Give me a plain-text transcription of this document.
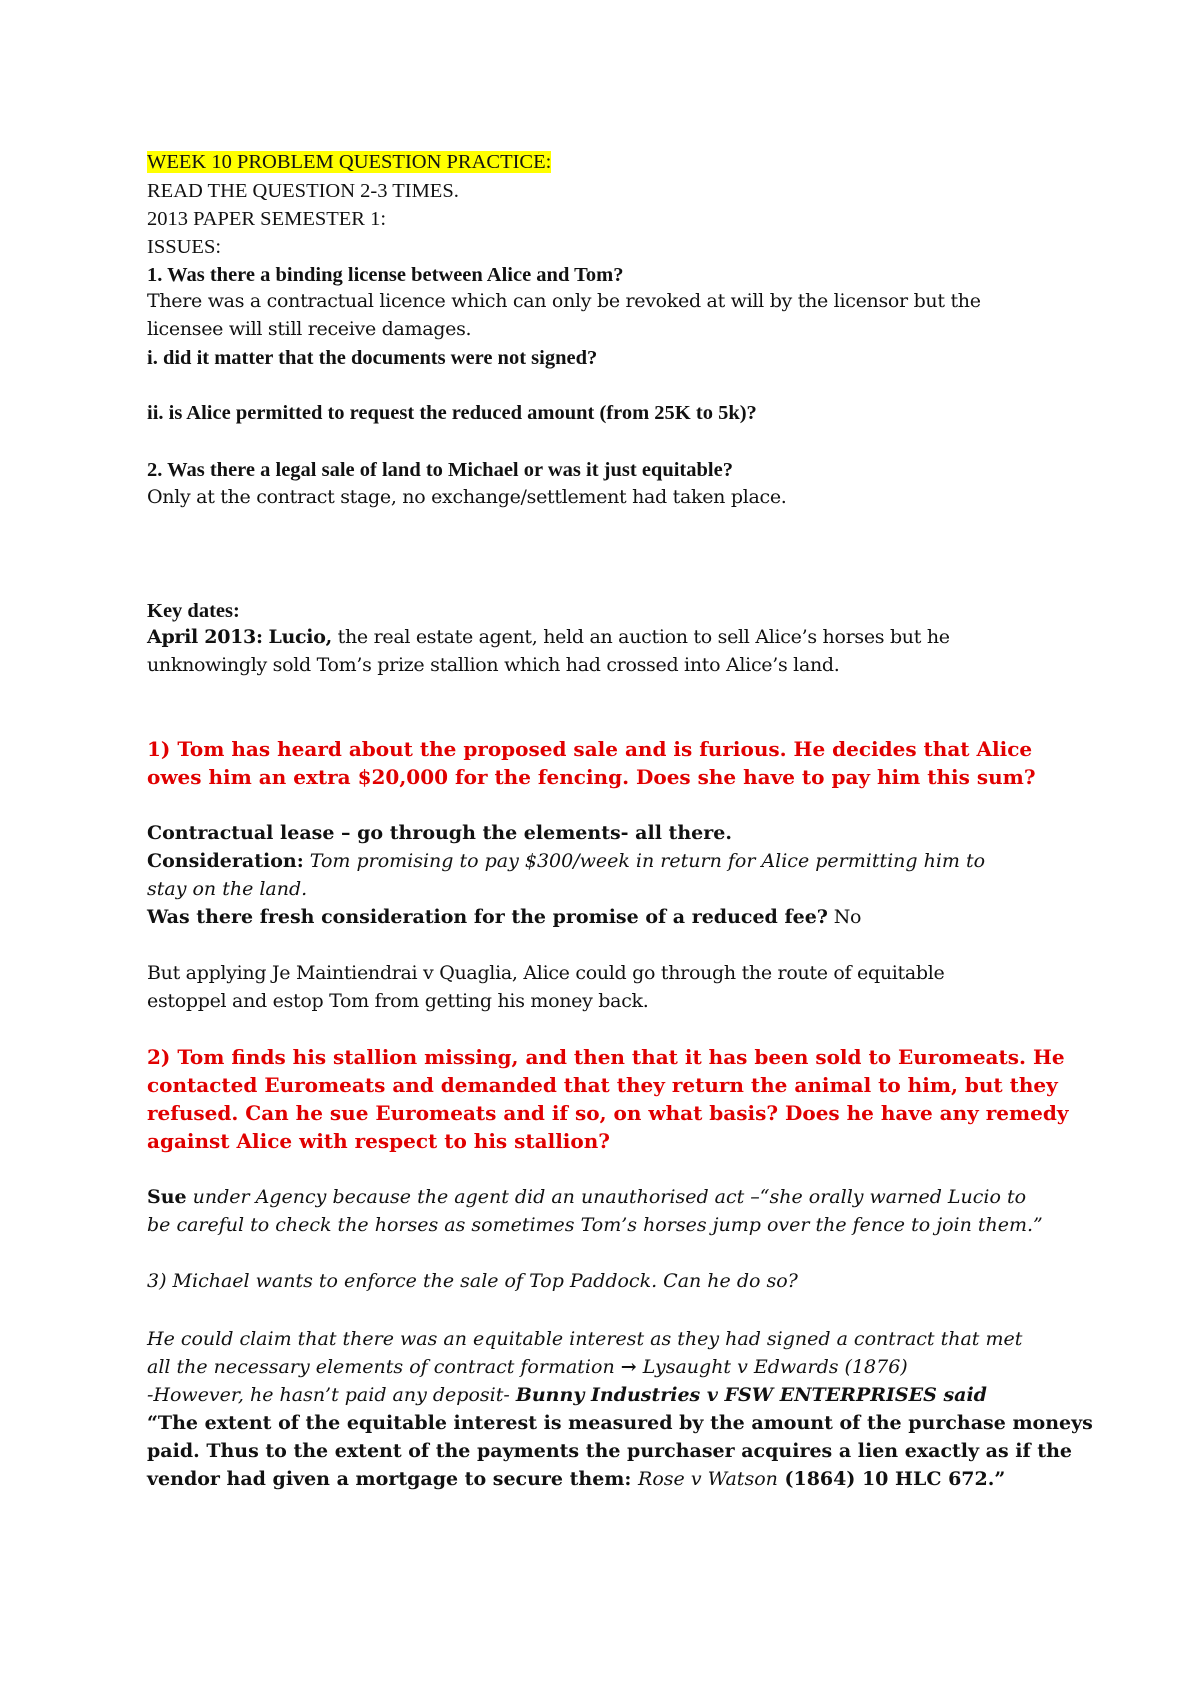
WEEK 10 PROBLEM QUESTION PRACTICE:
READ THE QUESTION 2-3 TIMES.
2013 PAPER SEMESTER 1:
ISSUES:
1. Was there a binding license between Alice and Tom?
There was a contractual licence which can only be revoked at will by the licensor but the
licensee will still receive damages.
i. did it matter that the documents were not signed?
ii. is Alice permitted to request the reduced amount (from 25K to 5k)?
2. Was there a legal sale of land to Michael or was it just equitable?
Only at the contract stage, no exchange/settlement had taken place.
Key dates:
April 2013: Lucio, the real estate agent, held an auction to sell Alice’s horses but he
unknowingly sold Tom’s prize stallion which had crossed into Alice’s land.
1) Tom has heard about the proposed sale and is furious. He decides that Alice
owes him an extra $20,000 for the fencing. Does she have to pay him this sum?
Contractual lease – go through the elements- all there.
Consideration: Tom promising to pay $300/week in return for Alice permitting him to
stay on the land.
Was there fresh consideration for the promise of a reduced fee? No
But applying Je Maintiendrai v Quaglia, Alice could go through the route of equitable
estoppel and estop Tom from getting his money back.
2) Tom finds his stallion missing, and then that it has been sold to Euromeats. He
contacted Euromeats and demanded that they return the animal to him, but they
refused. Can he sue Euromeats and if so, on what basis? Does he have any remedy
against Alice with respect to his stallion?
Sue under Agency because the agent did an unauthorised act –“she orally warned Lucio to
be careful to check the horses as sometimes Tom’s horses jump over the fence to join them.”
3) Michael wants to enforce the sale of Top Paddock. Can he do so?
He could claim that there was an equitable interest as they had signed a contract that met
all the necessary elements of contract formation → Lysaught v Edwards (1876)
-However, he hasn’t paid any deposit- Bunny Industries v FSW ENTERPRISES said
“The extent of the equitable interest is measured by the amount of the purchase moneys
paid. Thus to the extent of the payments the purchaser acquires a lien exactly as if the
vendor had given a mortgage to secure them: Rose v Watson (1864) 10 HLC 672.”
